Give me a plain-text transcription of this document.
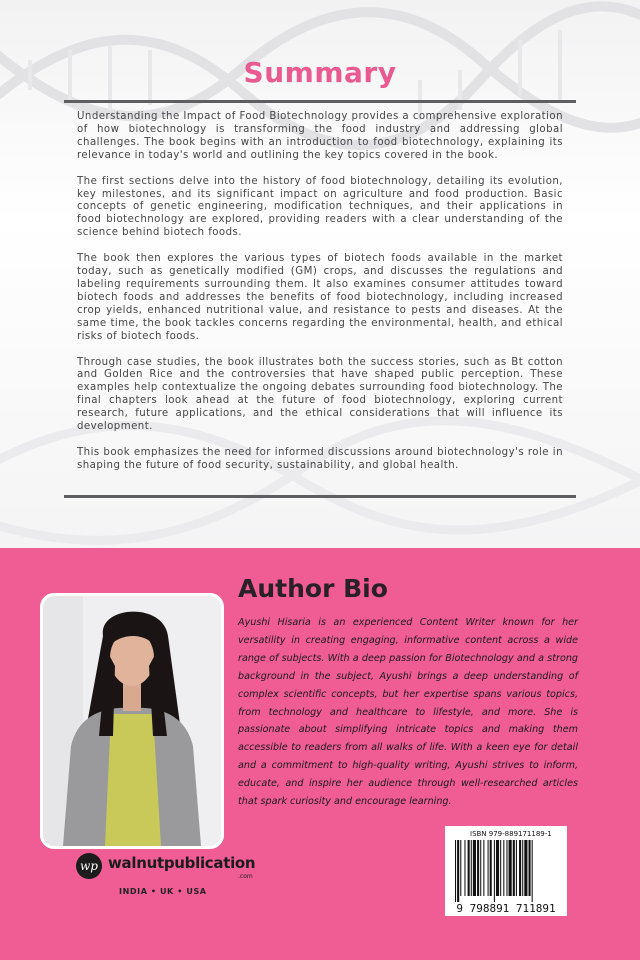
Summary

Understanding the Impact of Food Biotechnology provides a comprehensive exploration of how biotechnology is transforming the food industry and addressing global challenges. The book begins with an introduction to food biotechnology, explaining its relevance in today's world and outlining the key topics covered in the book.

The first sections delve into the history of food biotechnology, detailing its evolution, key milestones, and its significant impact on agriculture and food production. Basic concepts of genetic engineering, modification techniques, and their applications in food biotechnology are explored, providing readers with a clear understanding of the science behind biotech foods.

The book then explores the various types of biotech foods available in the market today, such as genetically modified (GM) crops, and discusses the regulations and labeling requirements surrounding them. It also examines consumer attitudes toward biotech foods and addresses the benefits of food biotechnology, including increased crop yields, enhanced nutritional value, and resistance to pests and diseases. At the same time, the book tackles concerns regarding the environmental, health, and ethical risks of biotech foods.

Through case studies, the book illustrates both the success stories, such as Bt cotton and Golden Rice and the controversies that have shaped public perception. These examples help contextualize the ongoing debates surrounding food biotechnology. The final chapters look ahead at the future of food biotechnology, exploring current research, future applications, and the ethical considerations that will influence its development.

This book emphasizes the need for informed discussions around biotechnology's role in shaping the future of food security, sustainability, and global health.

Author Bio
Ayushi Hisaria is an experienced Content Writer known for her versatility in creating engaging, informative content across a wide range of subjects. With a deep passion for Biotechnology and a strong background in the subject, Ayushi brings a deep understanding of complex scientific concepts, but her expertise spans various topics, from technology and healthcare to lifestyle, and more. She is passionate about simplifying intricate topics and making them accessible to readers from all walks of life. With a keen eye for detail and a commitment to high-quality writing, Ayushi strives to inform, educate, and inspire her audience through well-researched articles that spark curiosity and encourage learning.
wp walnutpublication
.com
INDIA • UK • USA
ISBN 979-889171189-1
9 798891 711891
